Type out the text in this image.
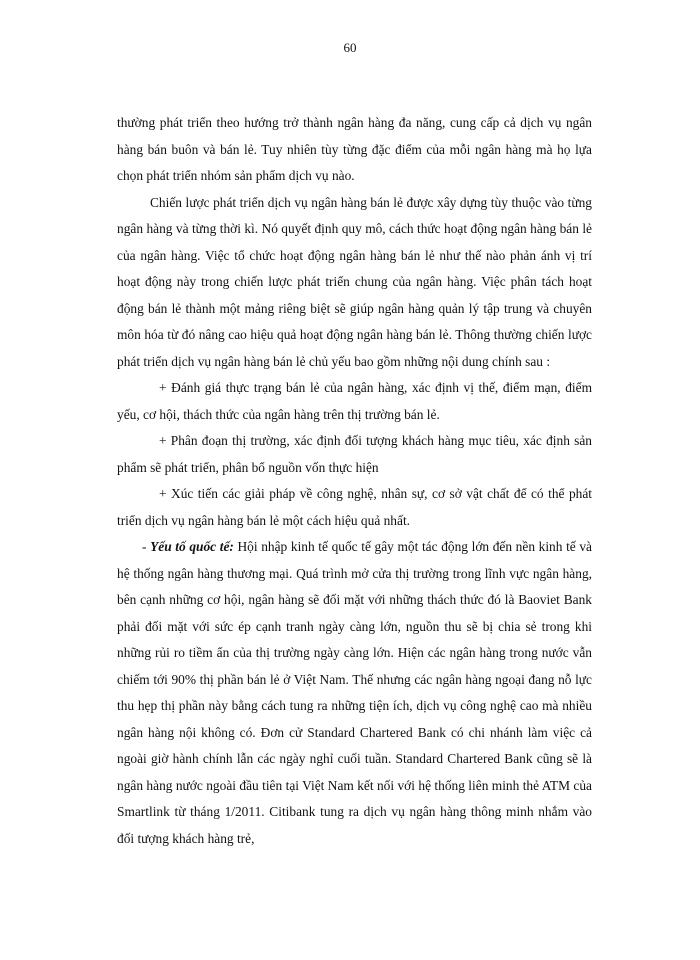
60

thường phát triển theo hướng trở thành ngân hàng đa năng, cung cấp cả dịch vụ ngân hàng bán buôn và bán lẻ. Tuy nhiên tùy từng đặc điểm của mỗi ngân hàng mà họ lựa chọn phát triển nhóm sản phẩm dịch vụ nào.

Chiến lược phát triển dịch vụ ngân hàng bán lẻ được xây dựng tùy thuộc vào từng ngân hàng và từng thời kì. Nó quyết định quy mô, cách thức hoạt động ngân hàng bán lẻ của ngân hàng. Việc tổ chức hoạt động ngân hàng bán lẻ như thế nào phản ánh vị trí hoạt động này trong chiến lược phát triển chung của ngân hàng. Việc phân tách hoạt động bán lẻ thành một mảng riêng biệt sẽ giúp ngân hàng quản lý tập trung và chuyên môn hóa từ đó nâng cao hiệu quả hoạt động ngân hàng bán lẻ. Thông thường chiến lược phát triển dịch vụ ngân hàng bán lẻ chủ yếu bao gồm những nội dung chính sau :

+ Đánh giá thực trạng bán lẻ của ngân hàng, xác định vị thế, điểm mạn, điểm yếu, cơ hội, thách thức của ngân hàng trên thị trường bán lẻ.

+ Phân đoạn thị trường, xác định đối tượng khách hàng mục tiêu, xác định sản phẩm sẽ phát triển, phân bổ nguồn vốn thực hiện

+ Xúc tiến các giải pháp về công nghệ, nhân sự, cơ sở vật chất để có thể phát triển dịch vụ ngân hàng bán lẻ một cách hiệu quả nhất.

- Yếu tố quốc tế: Hội nhập kinh tế quốc tế gây một tác động lớn đến nền kinh tế và hệ thống ngân hàng thương mại. Quá trình mở cửa thị trường trong lĩnh vực ngân hàng, bên cạnh những cơ hội, ngân hàng sẽ đối mặt với những thách thức đó là Baoviet Bank phải đối mặt với sức ép cạnh tranh ngày càng lớn, nguồn thu sẽ bị chia sẻ trong khi những rủi ro tiềm ẩn của thị trường ngày càng lớn. Hiện các ngân hàng trong nước vẫn chiếm tới 90% thị phần bán lẻ ở Việt Nam. Thế nhưng các ngân hàng ngoại đang nỗ lực thu hẹp thị phần này bằng cách tung ra những tiện ích, dịch vụ công nghệ cao mà nhiều ngân hàng nội không có. Đơn cử Standard Chartered Bank có chi nhánh làm việc cả ngoài giờ hành chính lẫn các ngày nghỉ cuối tuần. Standard Chartered Bank cũng sẽ là ngân hàng nước ngoài đầu tiên tại Việt Nam kết nối với hệ thống liên minh thẻ ATM của Smartlink từ tháng 1/2011. Citibank tung ra dịch vụ ngân hàng thông minh nhắm vào đối tượng khách hàng trẻ,
